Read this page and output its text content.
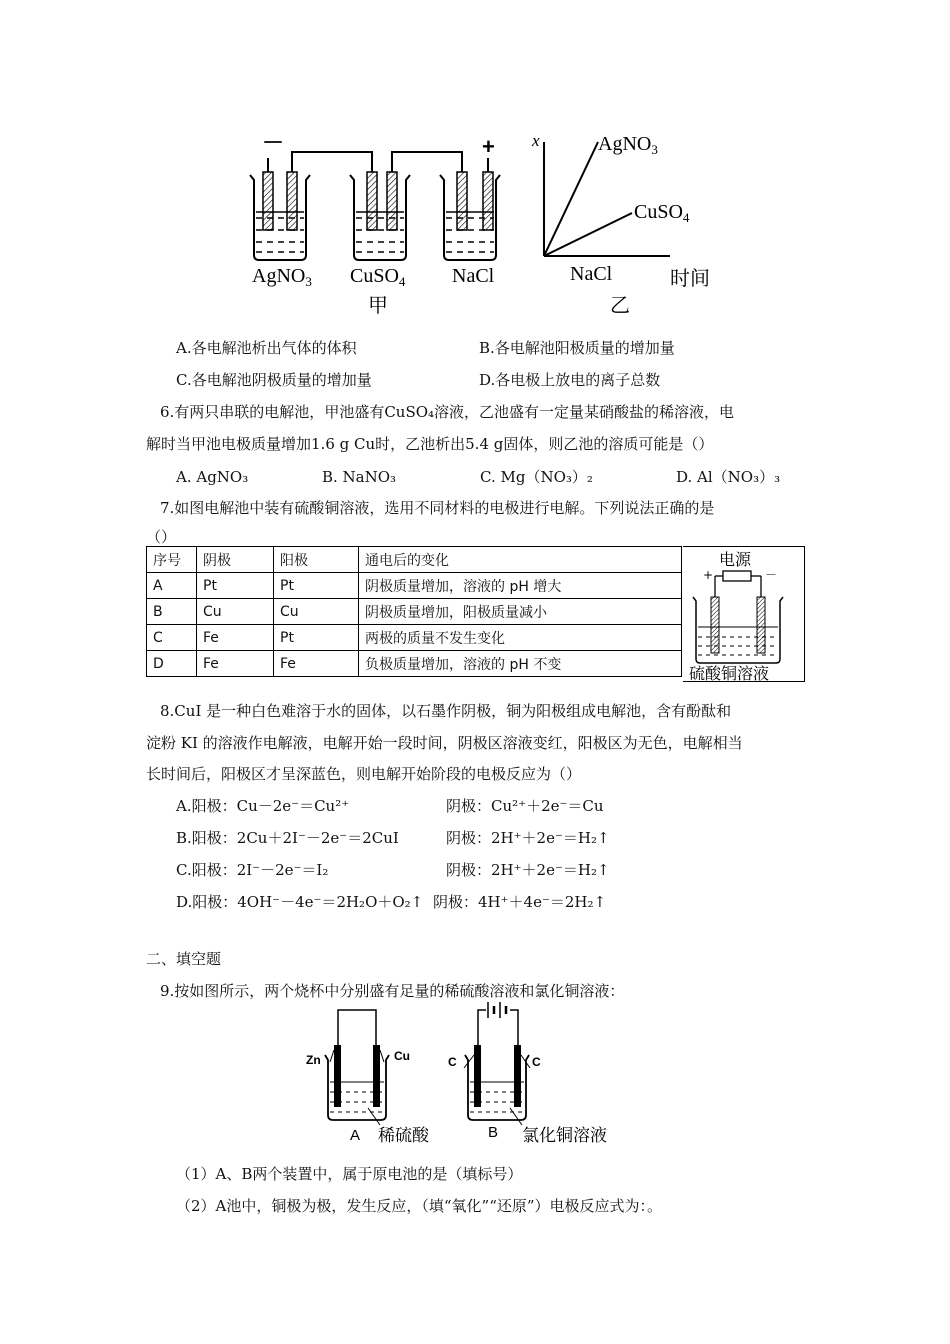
－	+
AgNO$_3$ CuSO$_4$ NaCl
甲
x	AgNO$_3$
CuSO$_4$
NaCl	时间
乙
A.各电解池析出气体的体积	B.各电解池阳极质量的增加量
C.各电解池阴极质量的增加量	D.各电极上放电的离子总数
6.有两只串联的电解池，甲池盛有CuSO₄溶液，乙池盛有一定量某硝酸盐的稀溶液，电
解时当甲池电极质量增加1.6 g Cu时，乙池析出5.4 g固体，则乙池的溶质可能是（）
A. AgNO₃	B. NaNO₃	C. Mg（NO₃）₂	D. Al（NO₃）₃
7.如图电解池中装有硫酸铜溶液，选用不同材料的电极进行电解。下列说法正确的是
（）
序号	阴极	阳极	通电后的变化
A	Pt	Pt	阴极质量增加，溶液的 pH 增大
B	Cu	Cu	阴极质量增加，阳极质量减小
C	Fe	Pt	两极的质量不发生变化
D	Fe	Fe	负极质量增加，溶液的 pH 不变
电源
+	－
硫酸铜溶液
8.CuI 是一种白色难溶于水的固体，以石墨作阴极，铜为阳极组成电解池，含有酚酞和
淀粉 KI 的溶液作电解液，电解开始一段时间，阴极区溶液变红，阳极区为无色，电解相当
长时间后，阳极区才呈深蓝色，则电解开始阶段的电极反应为（）
A.阳极：Cu－2e⁻＝Cu²⁺	阴极：Cu²⁺＋2e⁻＝Cu
B.阳极：2Cu＋2I⁻－2e⁻＝2CuI	阴极：2H⁺＋2e⁻＝H₂↑
C.阳极：2I⁻－2e⁻＝I₂	阴极：2H⁺＋2e⁻＝H₂↑
D.阳极：4OH⁻－4e⁻＝2H₂O＋O₂↑ 阴极：4H⁺＋4e⁻＝2H₂↑
二、填空题
9.按如图所示，两个烧杯中分别盛有足量的稀硫酸溶液和氯化铜溶液：
Zn	Cu
A 稀硫酸
C	C
B 氯化铜溶液
（1）A、B两个装置中，属于原电池的是（填标号）
（2）A池中，铜极为极，发生反应，（填“氧化”“还原”）电极反应式为：。
